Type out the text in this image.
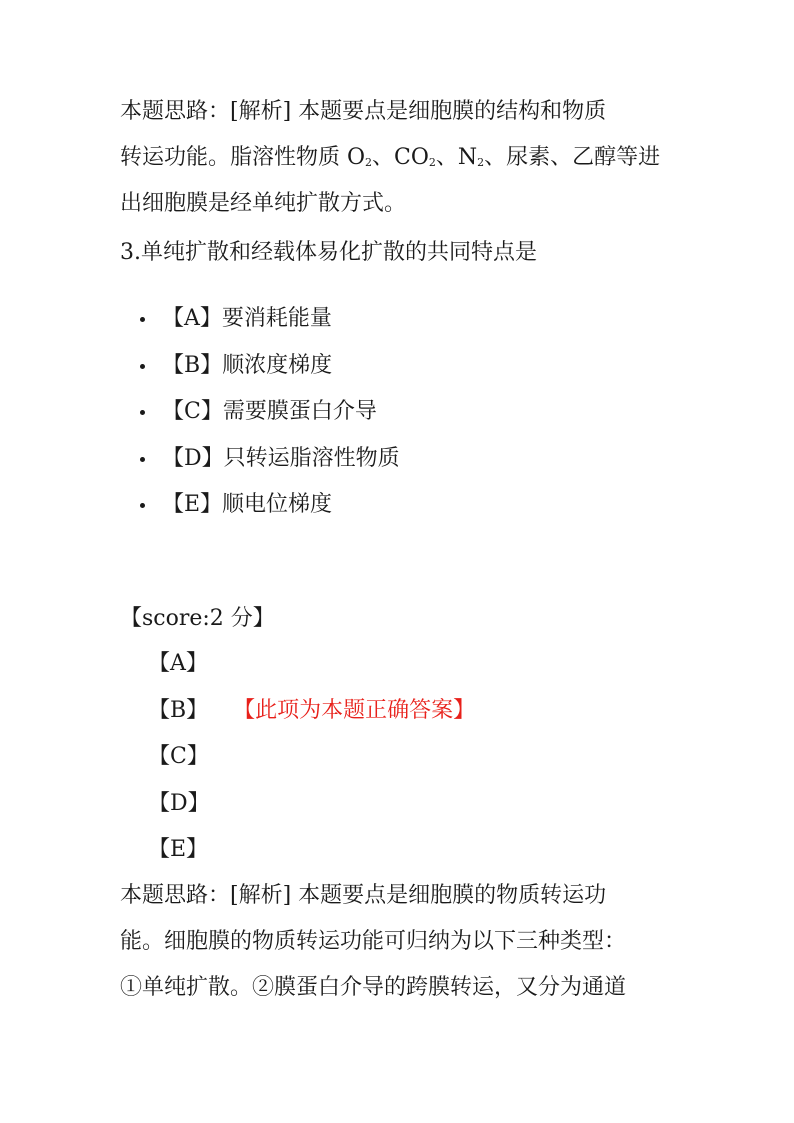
本题思路：[解析] 本题要点是细胞膜的结构和物质
转运功能。脂溶性物质 $O_2$、$CO_2$、$N_2$、尿素、乙醇等进
出细胞膜是经单纯扩散方式。
3.单纯扩散和经载体易化扩散的共同特点是
【A】要消耗能量
【B】顺浓度梯度
【C】需要膜蛋白介导
【D】只转运脂溶性物质
【E】顺电位梯度
【score:2 分】
【A】
【B】 【此项为本题正确答案】
【C】
【D】
【E】
本题思路：[解析] 本题要点是细胞膜的物质转运功
能。细胞膜的物质转运功能可归纳为以下三种类型：
①单纯扩散。②膜蛋白介导的跨膜转运，又分为通道
